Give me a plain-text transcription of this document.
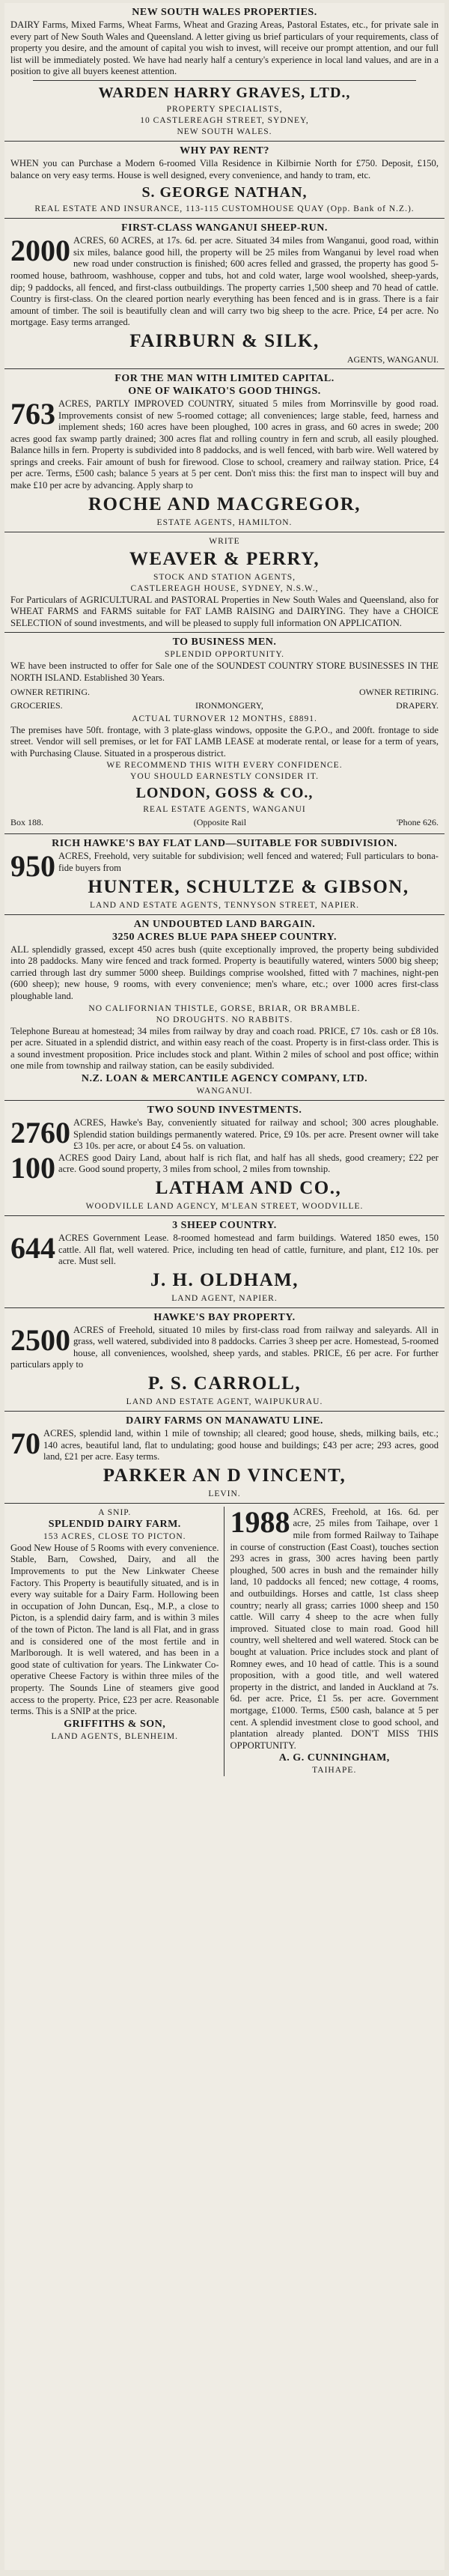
NEW SOUTH WALES PROPERTIES.

DAIRY Farms, Mixed Farms, Wheat Farms, Wheat and Grazing Areas, Pastoral Estates, etc., for private sale in every part of New South Wales and Queensland. A letter giving us brief particulars of your requirements, class of property you desire, and the amount of capital you wish to invest, will receive our prompt attention, and our full list will be immediately posted. We have had nearly half a century's experience in local land values, and are in a position to give all buyers keenest attention.

WARDEN HARRY GRAVES, LTD.,
PROPERTY SPECIALISTS,
10 CASTLEREAGH STREET, SYDNEY,
NEW SOUTH WALES.
WHY PAY RENT?

WHEN you can Purchase a Modern 6-roomed Villa Residence in Kilbirnie North for £750. Deposit, £150, balance on very easy terms. House is well designed, every convenience, and handy to tram, etc.

S. GEORGE NATHAN,
REAL ESTATE AND INSURANCE, 113-115 CUSTOMHOUSE QUAY (Opp. Bank of N.Z.).
FIRST-CLASS WANGANUI SHEEP-RUN.

2000 ACRES, 60 ACRES, at 17s. 6d. per acre. Situated 34 miles from Wanganui, good road, within six miles, balance good hill, the property will be 25 miles from Wanganui by level road when new road under construction is finished; 600 acres felled and grassed, the property has good 5-roomed house, bathroom, washhouse, copper and tubs, hot and cold water, large wool woolshed, sheep-yards, dip; 9 paddocks, all fenced, and first-class outbuildings. The property carries 1,500 sheep and 70 head of cattle. Country is first-class. On the cleared portion nearly everything has been fenced and is in grass. There is a fair amount of timber. The soil is beautifully clean and will carry two big sheep to the acre. Price, £4 per acre. No mortgage. Easy terms arranged.

FAIRBURN & SILK,
AGENTS, WANGANUI.
FOR THE MAN WITH LIMITED CAPITAL.
ONE OF WAIKATO'S GOOD THINGS.

763 ACRES, PARTLY IMPROVED COUNTRY, situated 5 miles from Morrinsville by good road. Improvements consist of new 5-roomed cottage; all conveniences; large stable, feed, harness and implement sheds; 160 acres have been ploughed, 100 acres in grass, and 60 acres in swede; 200 acres good fax swamp partly drained; 300 acres flat and rolling country in fern and scrub, all easily ploughed. Balance hills in fern. Property is subdivided into 8 paddocks, and is well fenced, with barb wire. Well watered by springs and creeks. Fair amount of bush for firewood. Close to school, creamery and railway station. Price, £4 per acre. Terms, £500 cash; balance 5 years at 5 per cent. Don't miss this: the first man to inspect will buy and make £10 per acre by advancing. Apply sharp to

ROCHE AND MACGREGOR,
ESTATE AGENTS, HAMILTON.
WRITE
WEAVER & PERRY,
STOCK AND STATION AGENTS,
CASTLEREAGH HOUSE, SYDNEY, N.S.W.,

For Particulars of AGRICULTURAL and PASTORAL Properties in New South Wales and Queensland, also for WHEAT FARMS and FARMS suitable for FAT LAMB RAISING and DAIRYING. They have a CHOICE SELECTION of sound investments, and will be pleased to supply full information ON APPLICATION.

TO BUSINESS MEN.
SPLENDID OPPORTUNITY.

WE have been instructed to offer for Sale one of the SOUNDEST COUNTRY STORE BUSINESSES IN THE NORTH ISLAND. Established 30 Years.

OWNER RETIRING.	OWNER RETIRING.
GROCERIES.	IRONMONGERY,	DRAPERY.
ACTUAL TURNOVER 12 MONTHS, £8891.

The premises have 50ft. frontage, with 3 plate-glass windows, opposite the G.P.O., and 200ft. frontage to side street. Vendor will sell premises, or let for FAT LAMB LEASE at moderate rental, or lease for a term of years, with Purchasing Clause. Situated in a prosperous district.

WE RECOMMEND THIS WITH EVERY CONFIDENCE.
YOU SHOULD EARNESTLY CONSIDER IT.
LONDON, GOSS & CO.,
REAL ESTATE AGENTS, WANGANUI
Box 188.	(Opposite Rail	'Phone 626.
RICH HAWKE'S BAY FLAT LAND—SUITABLE FOR SUBDIVISION.

950 ACRES, Freehold, very suitable for subdivision; well fenced and watered; Full particulars to bona-fide buyers from

HUNTER, SCHULTZE & GIBSON,
LAND AND ESTATE AGENTS, TENNYSON STREET, NAPIER.
AN UNDOUBTED LAND BARGAIN.
3250 ACRES BLUE PAPA SHEEP COUNTRY.

ALL splendidly grassed, except 450 acres bush (quite exceptionally improved, the property being subdivided into 28 paddocks. Many wire fenced and track formed. Property is beautifully watered, winters 5000 big sheep; carried through last dry summer 5000 sheep. Buildings comprise woolshed, fitted with 7 machines, night-pen (600 sheep); new house, 9 rooms, with every convenience; men's whare, etc.; over 1000 acres first-class ploughable land.

NO CALIFORNIAN THISTLE, GORSE, BRIAR, OR BRAMBLE.
NO DROUGHTS. NO RABBITS.

Telephone Bureau at homestead; 34 miles from railway by dray and coach road. PRICE, £7 10s. cash or £8 10s. per acre. Situated in a splendid district, and within easy reach of the coast. Property is in first-class order. This is a sound investment proposition. Price includes stock and plant. Within 2 miles of school and post office; within one mile from township and railway station, can be easily subdivided.

N.Z. LOAN & MERCANTILE AGENCY COMPANY, LTD.
WANGANUI.
TWO SOUND INVESTMENTS.

2760 ACRES, Hawke's Bay, conveniently situated for railway and school; 300 acres ploughable. Splendid station buildings permanently watered. Price, £9 10s. per acre. Present owner will take £3 10s. per acre, or about £4 5s. on valuation.

100 ACRES good Dairy Land, about half is rich flat, and half has all sheds, good creamery; £22 per acre. Good sound property, 3 miles from school, 2 miles from township.

LATHAM AND CO.,
WOODVILLE LAND AGENCY, M'LEAN STREET, WOODVILLE.
3 SHEEP COUNTRY.

644 ACRES Government Lease. 8-roomed homestead and farm buildings. Watered 1850 ewes, 150 cattle. All flat, well watered. Price, including ten head of cattle, furniture, and plant, £12 10s. per acre. Must sell.

J. H. OLDHAM,
LAND AGENT, NAPIER.
HAWKE'S BAY PROPERTY.

2500 ACRES of Freehold, situated 10 miles by first-class road from railway and saleyards. All in grass, well watered, subdivided into 8 paddocks. Carries 3 sheep per acre. Homestead, 5-roomed house, all conveniences, woolshed, sheep yards, and stables. PRICE, £6 per acre. For further particulars apply to

P. S. CARROLL,
LAND AND ESTATE AGENT, WAIPUKURAU.
DAIRY FARMS ON MANAWATU LINE.

70 ACRES, splendid land, within 1 mile of township; all cleared; good house, sheds, milking bails, etc.; 140 acres, beautiful land, flat to undulating; good house and buildings; £43 per acre; 293 acres, good land, £21 per acre. Easy terms.

PARKER AN D VINCENT,
LEVIN.
A SNIP.
SPLENDID DAIRY FARM.
153 ACRES, CLOSE TO PICTON.

Good New House of 5 Rooms with every convenience. Stable, Barn, Cowshed, Dairy, and all the Improvements to put the New Linkwater Cheese Factory. This Property is beautifully situated, and is in every way suitable for a Dairy Farm. Hollowing been in occupation of John Duncan, Esq., M.P., a close to Picton, is a splendid dairy farm, and is within 3 miles of the town of Picton. The land is all Flat, and in grass and is considered one of the most fertile and in Marlborough. It is well watered, and has been in a good state of cultivation for years. The Linkwater Co-operative Cheese Factory is within three miles of the property. The Sounds Line of steamers give good access to the property. Price, £23 per acre. Reasonable terms. This is a SNIP at the price.

GRIFFITHS & SON,
LAND AGENTS, BLENHEIM.

1988 ACRES, Freehold, at 16s. 6d. per acre, 25 miles from Taihape, over 1 mile from formed Railway to Taihape in course of construction (East Coast), touches section 293 acres in grass, 300 acres having been partly ploughed, 500 acres in bush and the remainder hilly land, 10 paddocks all fenced; new cottage, 4 rooms, and outbuildings. Horses and cattle, 1st class sheep country; nearly all grass; carries 1000 sheep and 150 cattle. Will carry 4 sheep to the acre when fully improved. Situated close to main road. Good hill country, well sheltered and well watered. Stock can be bought at valuation. Price includes stock and plant of Romney ewes, and 10 head of cattle. This is a sound proposition, with a good title, and well watered property in the district, and landed in Auckland at 7s. 6d. per acre. Price, £1 5s. per acre. Government mortgage, £1000. Terms, £500 cash, balance at 5 per cent. A splendid investment close to good school, and plantation already planted. DON'T MISS THIS OPPORTUNITY.

A. G. CUNNINGHAM,
TAIHAPE.
